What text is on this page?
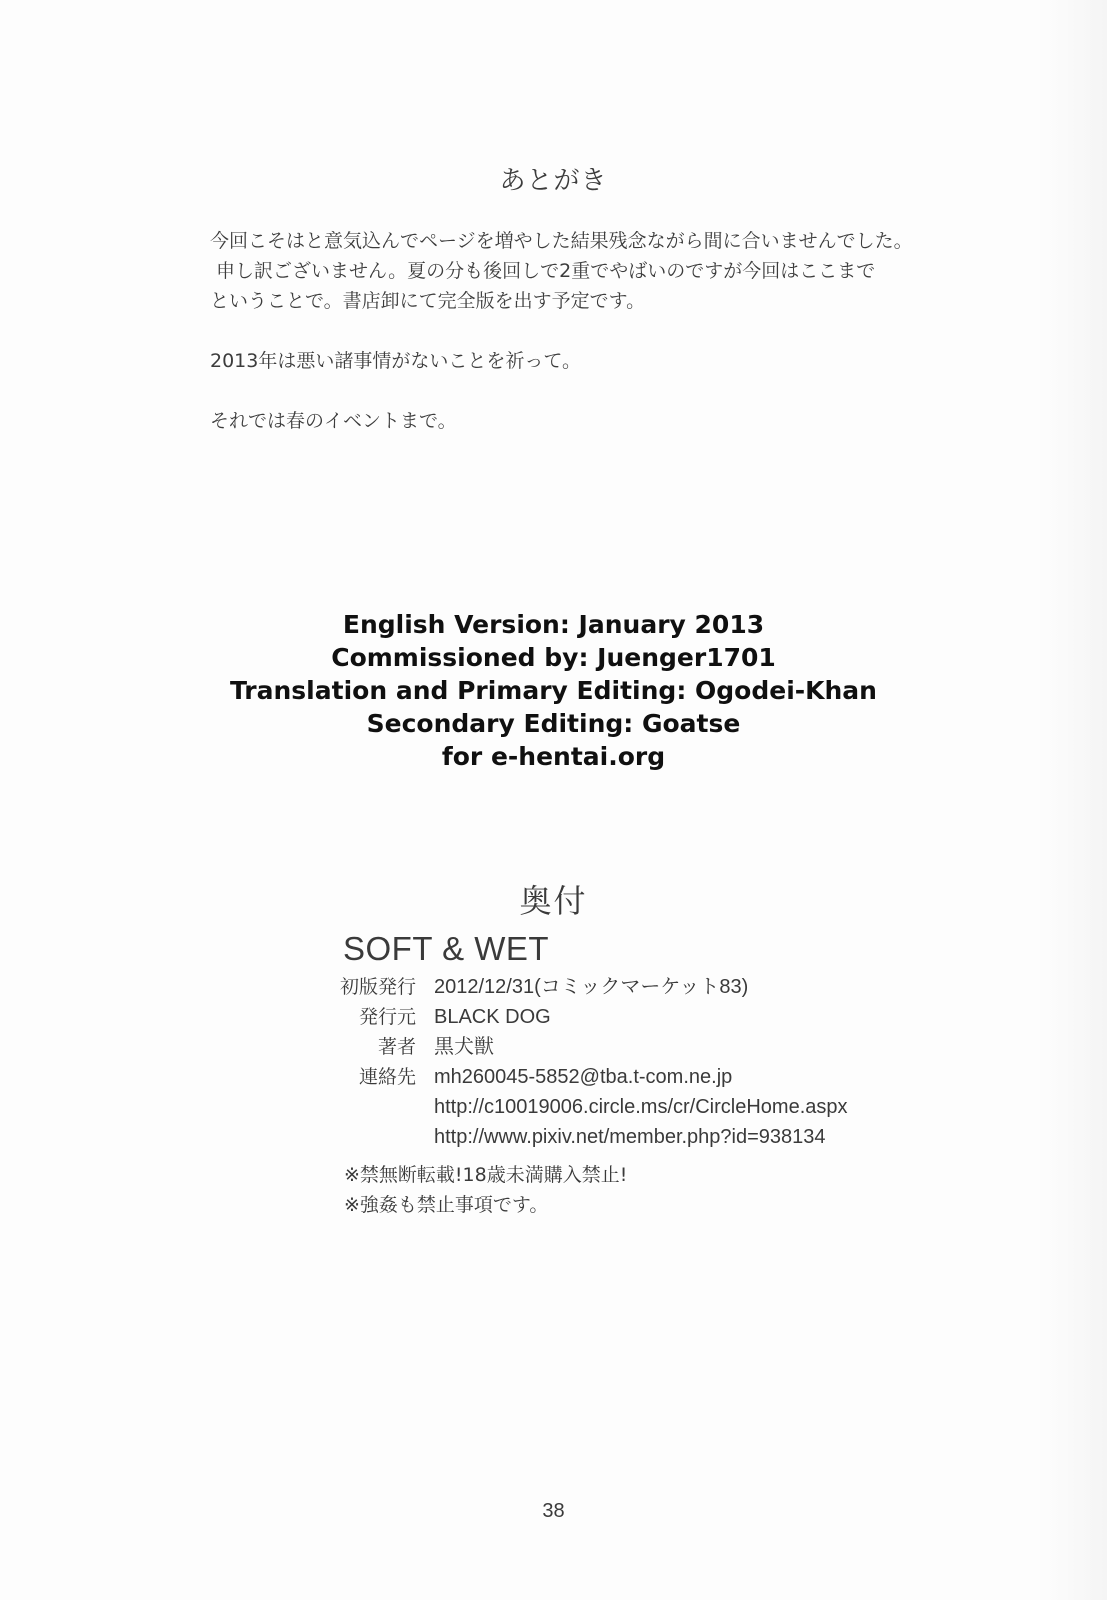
あとがき

今回こそはと意気込んでページを増やした結果残念ながら間に合いませんでした。

申し訳ございません。夏の分も後回しで2重でやばいのですが今回はここまで

ということで。書店卸にて完全版を出す予定です。

2013年は悪い諸事情がないことを祈って。

それでは春のイベントまで。

English Version: January 2013
Commissioned by: Juenger1701
Translation and Primary Editing: Ogodei-Khan
Secondary Editing: Goatse
for e-hentai.org
奥付
SOFT & WET
初版発行 2012/12/31(コミックマーケット83)
発行元 BLACK DOG
著者 黒犬獣
連絡先 mh260045-5852@tba.t-com.ne.jp
http://c10019006.circle.ms/cr/CircleHome.aspx
http://www.pixiv.net/member.php?id=938134
※禁無断転載!18歳未満購入禁止!
※強姦も禁止事項です。
38
